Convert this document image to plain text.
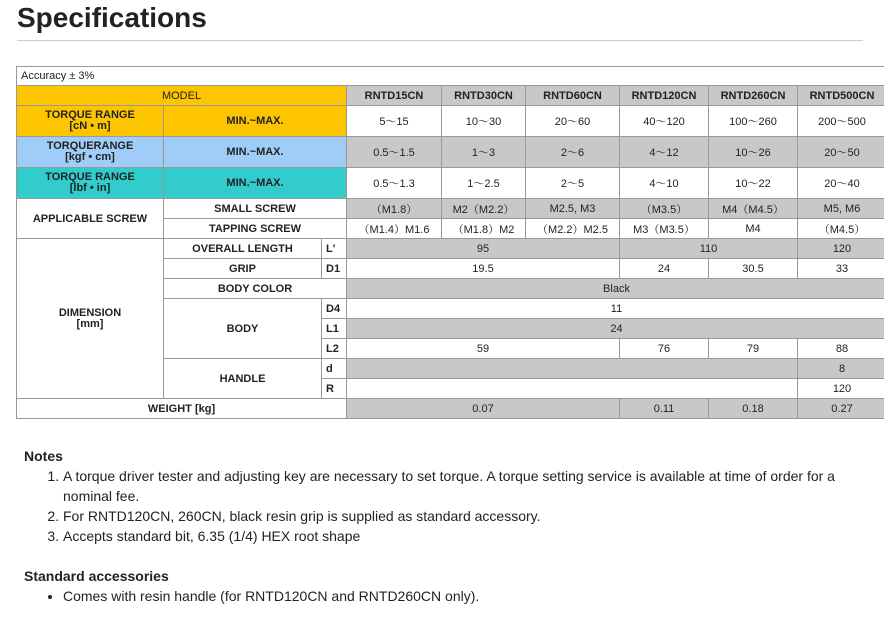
Specifications
Accuracy ± 3%								
MODEL			RNTD15CN	RNTD30CN	RNTD60CN	RNTD120CN	RNTD260CN	RNTD500CN

TORQUE RANGE
[cN • m]	MIN.~MAX.		5～15	10～30	20～60	40～120	100～260	200～500

TORQUERANGE
[kgf • cm]	MIN.~MAX.		0.5～1.5	1～3	2～6	4～12	10～26	20～50

TORQUE RANGE
[lbf • in]	MIN.~MAX.		0.5～1.3	1～2.5	2～5	4～10	10～22	20～40
APPLICABLE SCREW	SMALL SCREW		（M1.8）	M2（M2.2）	M2.5, M3	（M3.5）	M4（M4.5）	M5, M6
	TAPPING SCREW		（M1.4）M1.6	（M1.8）M2	（M2.2）M2.5	M3（M3.5）	M4	（M4.5）

DIMENSION
[mm]	OVERALL LENGTH	L'	95			110		120
	GRIP	D1	19.5			24	30.5	33
	BODY COLOR		Black					
	BODY	D4	11					
		L1	24					
		L2	59			76	79	88
	HANDLE	d						8
		R						120
WEIGHT [kg]			0.07			0.11	0.18	0.27
Notes
1. A torque driver tester and adjusting key are necessary to set torque. A torque setting service is available at time of order for a nominal fee.
2. For RNTD120CN, 260CN, black resin grip is supplied as standard accessory.
3. Accepts standard bit, 6.35 (1/4) HEX root shape
Standard accessories
• Comes with resin handle (for RNTD120CN and RNTD260CN only).
